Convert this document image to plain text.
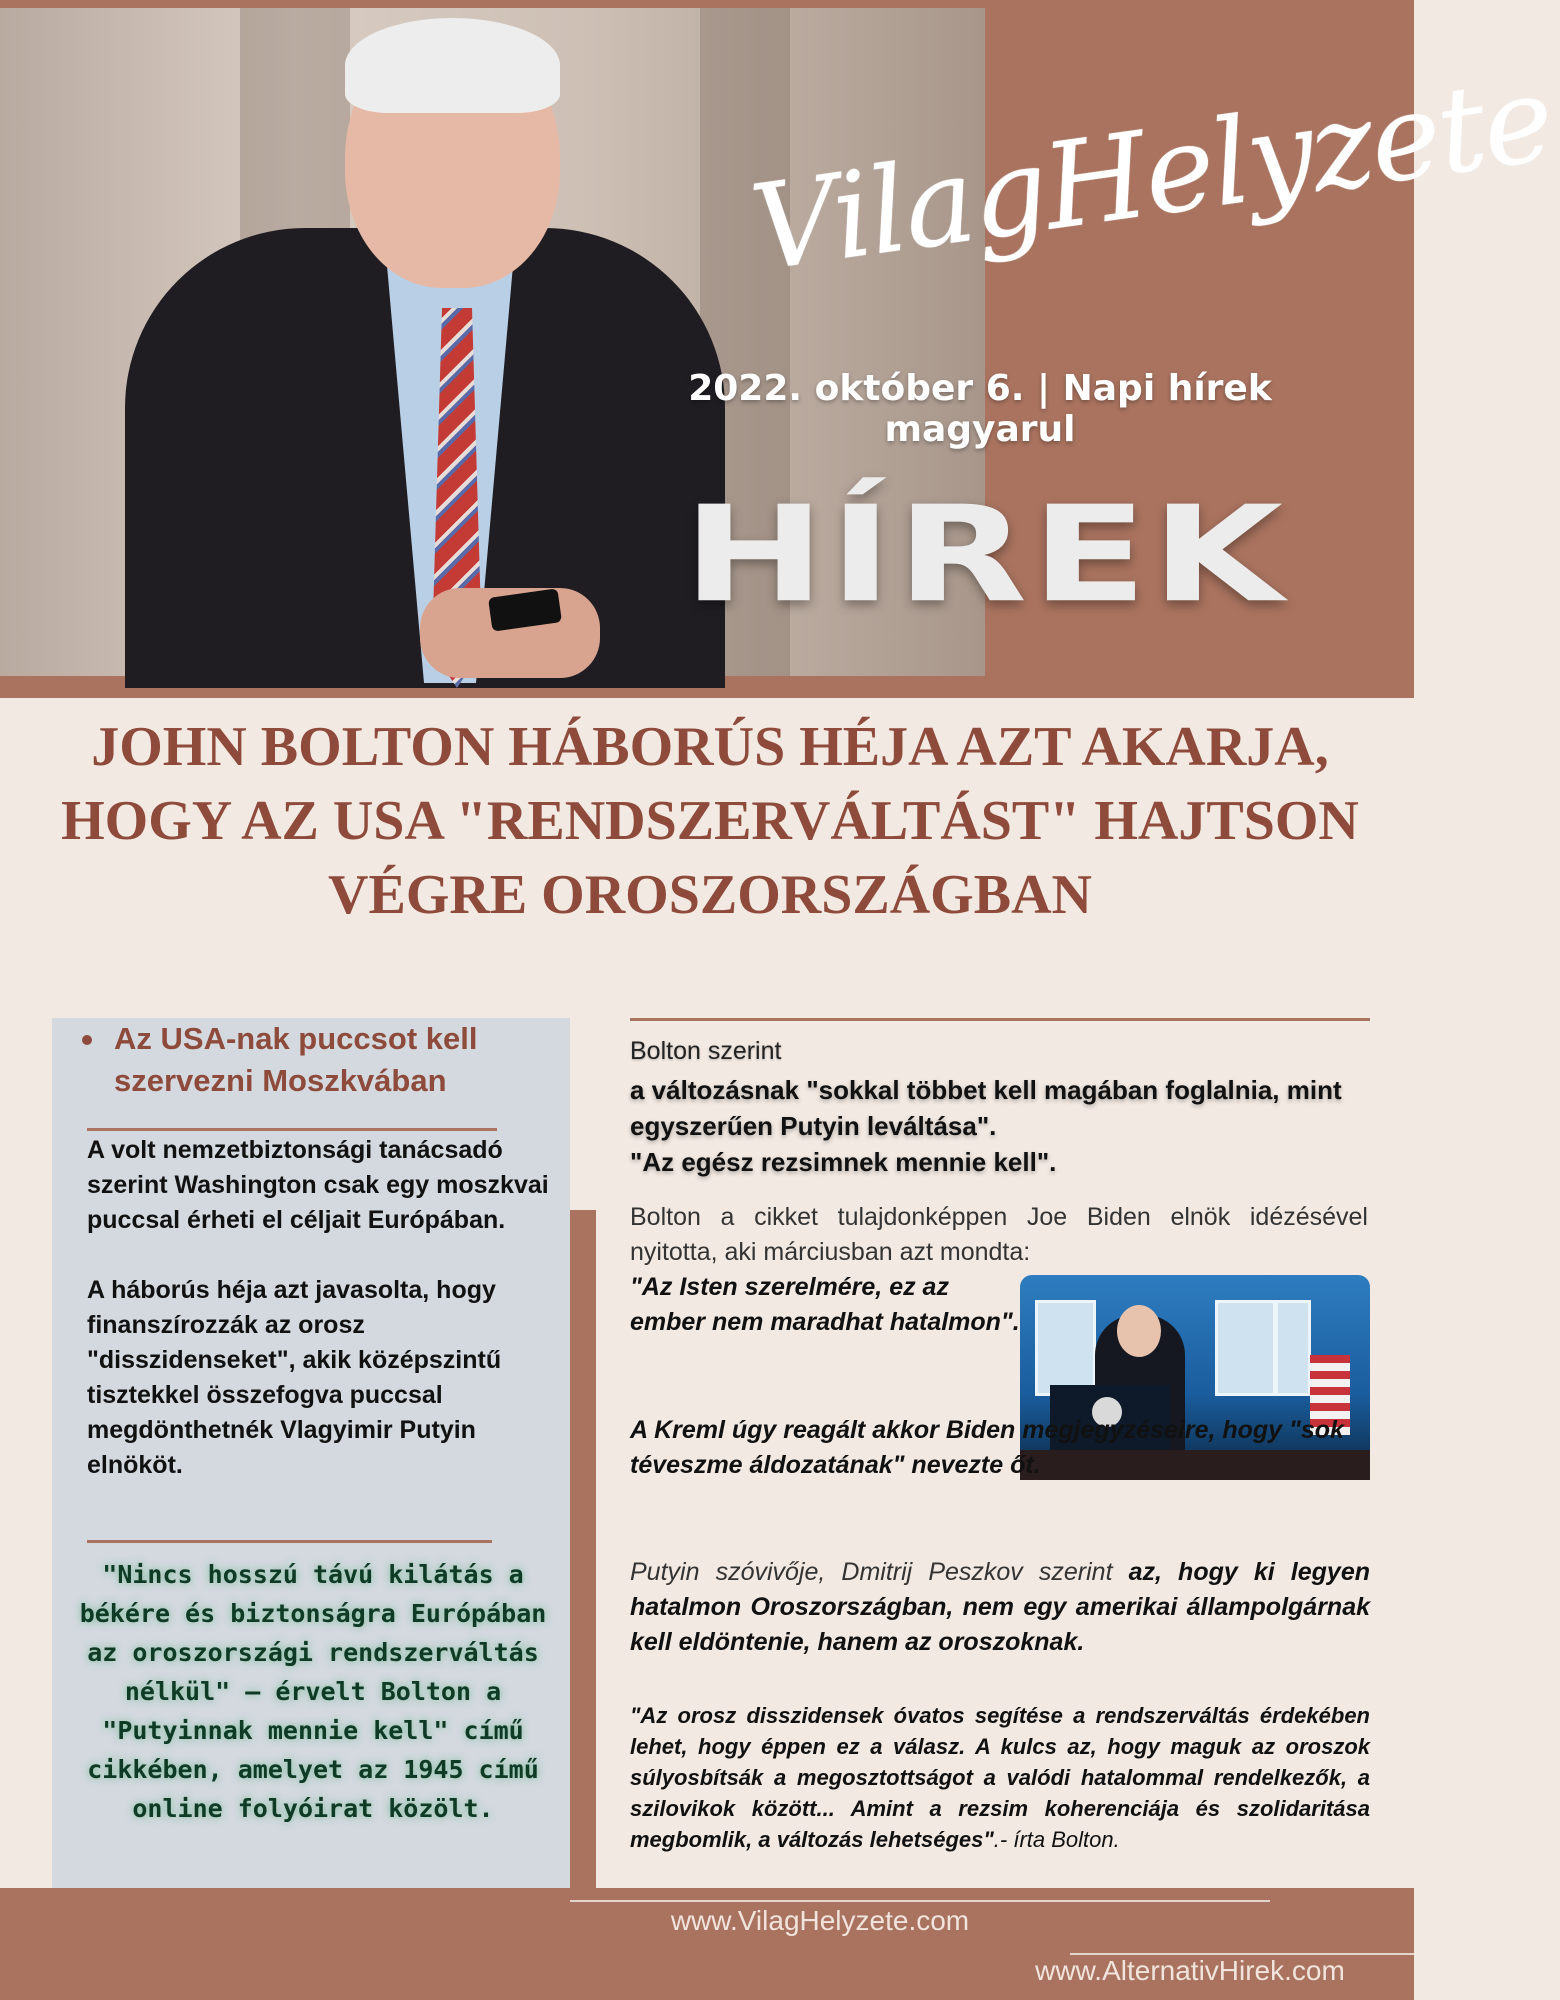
VilagHelyzete
2022. október 6. | Napi hírek magyarul
HÍREK
JOHN BOLTON HÁBORÚS HÉJA AZT AKARJA, HOGY AZ USA "RENDSZERVÁLTÁST" HAJTSON VÉGRE OROSZORSZÁGBAN

Az USA-nak puccsot kell szervezni Moszkvában

A volt nemzetbiztonsági tanácsadó szerint Washington csak egy moszkvai puccsal érheti el céljait Európában.

A háborús héja azt javasolta, hogy finanszírozzák az orosz "disszidenseket", akik középszintű tisztekkel összefogva puccsal megdönthetnék Vlagyimir Putyin elnököt.

"Nincs hosszú távú kilátás a békére és biztonságra Európában az oroszországi rendszerváltás nélkül" – érvelt Bolton a "Putyinnak mennie kell" című cikkében, amelyet az 1945 című online folyóirat közölt.

Bolton szerint

a változásnak "sokkal többet kell magában foglalnia, mint egyszerűen Putyin leváltása".
"Az egész rezsimnek mennie kell".

Bolton a cikket tulajdonképpen Joe Biden elnök idézésével nyitotta, aki márciusban azt mondta:

"Az Isten szerelmére, ez az ember nem maradhat hatalmon".

A Kreml úgy reagált akkor Biden megjegyzéseire, hogy "sok téveszme áldozatának" nevezte őt.

Putyin szóvivője, Dmitrij Peszkov szerint az, hogy ki legyen hatalmon Oroszországban, nem egy amerikai állampolgárnak kell eldöntenie, hanem az oroszoknak.

"Az orosz disszidensek óvatos segítése a rendszerváltás érdekében lehet, hogy éppen ez a válasz. A kulcs az, hogy maguk az oroszok súlyosbítsák a megosztottságot a valódi hatalommal rendelkezők, a szilovikok között... Amint a rezsim koherenciája és szolidaritása megbomlik, a változás lehetséges".- írta Bolton.

www.VilagHelyzete.com
www.AlternativHirek.com
